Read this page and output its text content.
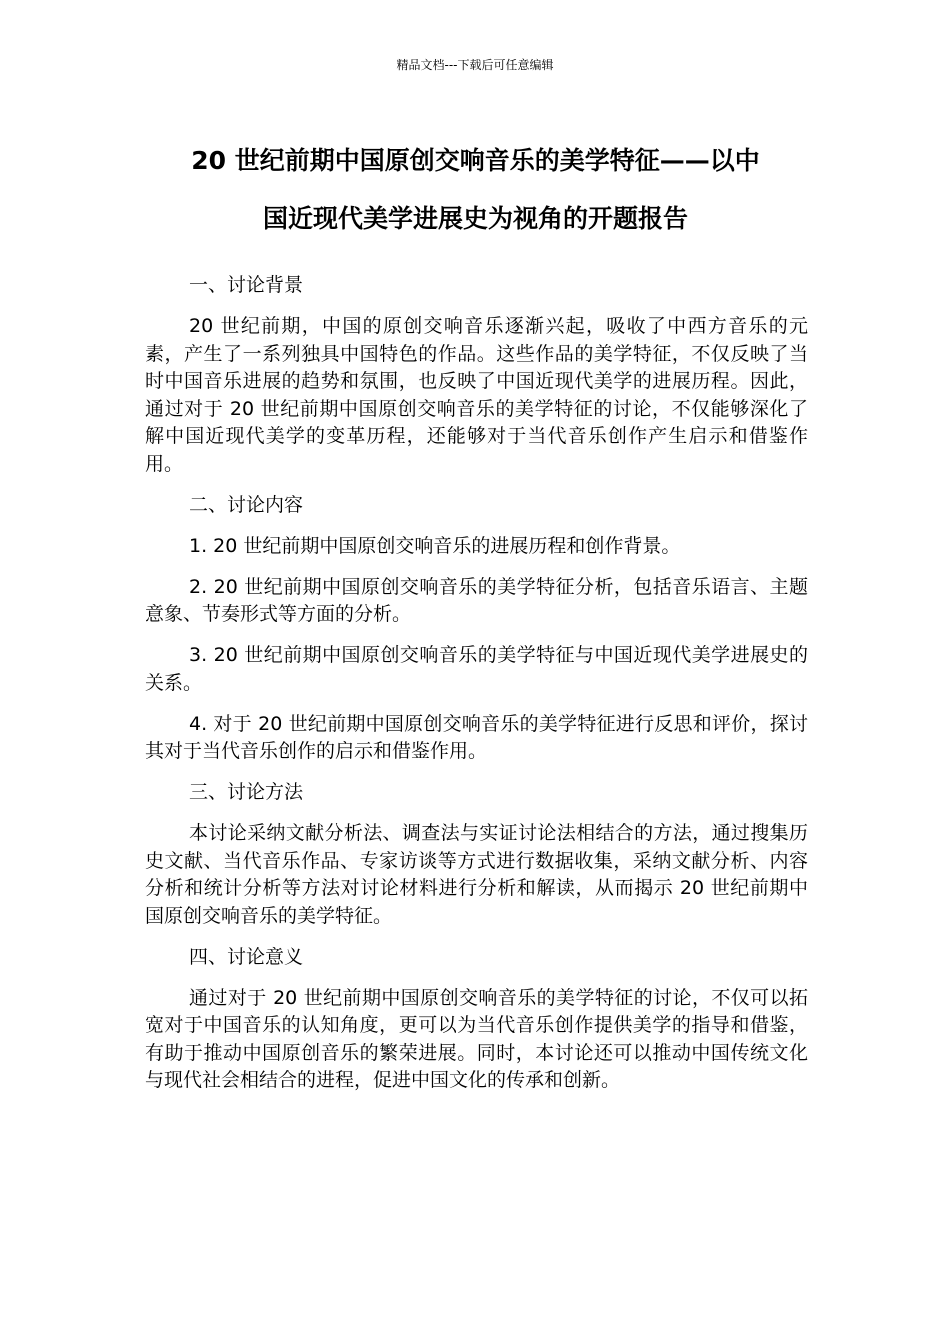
精品文档---下载后可任意编辑
20 世纪前期中国原创交响音乐的美学特征——以中
国近现代美学进展史为视角的开题报告

一、讨论背景

20 世纪前期，中国的原创交响音乐逐渐兴起，吸收了中西方音乐的元素，产生了一系列独具中国特色的作品。这些作品的美学特征，不仅反映了当时中国音乐进展的趋势和氛围，也反映了中国近现代美学的进展历程。因此，通过对于 20 世纪前期中国原创交响音乐的美学特征的讨论，不仅能够深化了解中国近现代美学的变革历程，还能够对于当代音乐创作产生启示和借鉴作用。

二、讨论内容

1. 20 世纪前期中国原创交响音乐的进展历程和创作背景。

2. 20 世纪前期中国原创交响音乐的美学特征分析，包括音乐语言、主题意象、节奏形式等方面的分析。

3. 20 世纪前期中国原创交响音乐的美学特征与中国近现代美学进展史的关系。

4. 对于 20 世纪前期中国原创交响音乐的美学特征进行反思和评价，探讨其对于当代音乐创作的启示和借鉴作用。

三、讨论方法

本讨论采纳文献分析法、调查法与实证讨论法相结合的方法，通过搜集历史文献、当代音乐作品、专家访谈等方式进行数据收集，采纳文献分析、内容分析和统计分析等方法对讨论材料进行分析和解读，从而揭示 20 世纪前期中国原创交响音乐的美学特征。

四、讨论意义

通过对于 20 世纪前期中国原创交响音乐的美学特征的讨论，不仅可以拓宽对于中国音乐的认知角度，更可以为当代音乐创作提供美学的指导和借鉴，有助于推动中国原创音乐的繁荣进展。同时，本讨论还可以推动中国传统文化与现代社会相结合的进程，促进中国文化的传承和创新。
